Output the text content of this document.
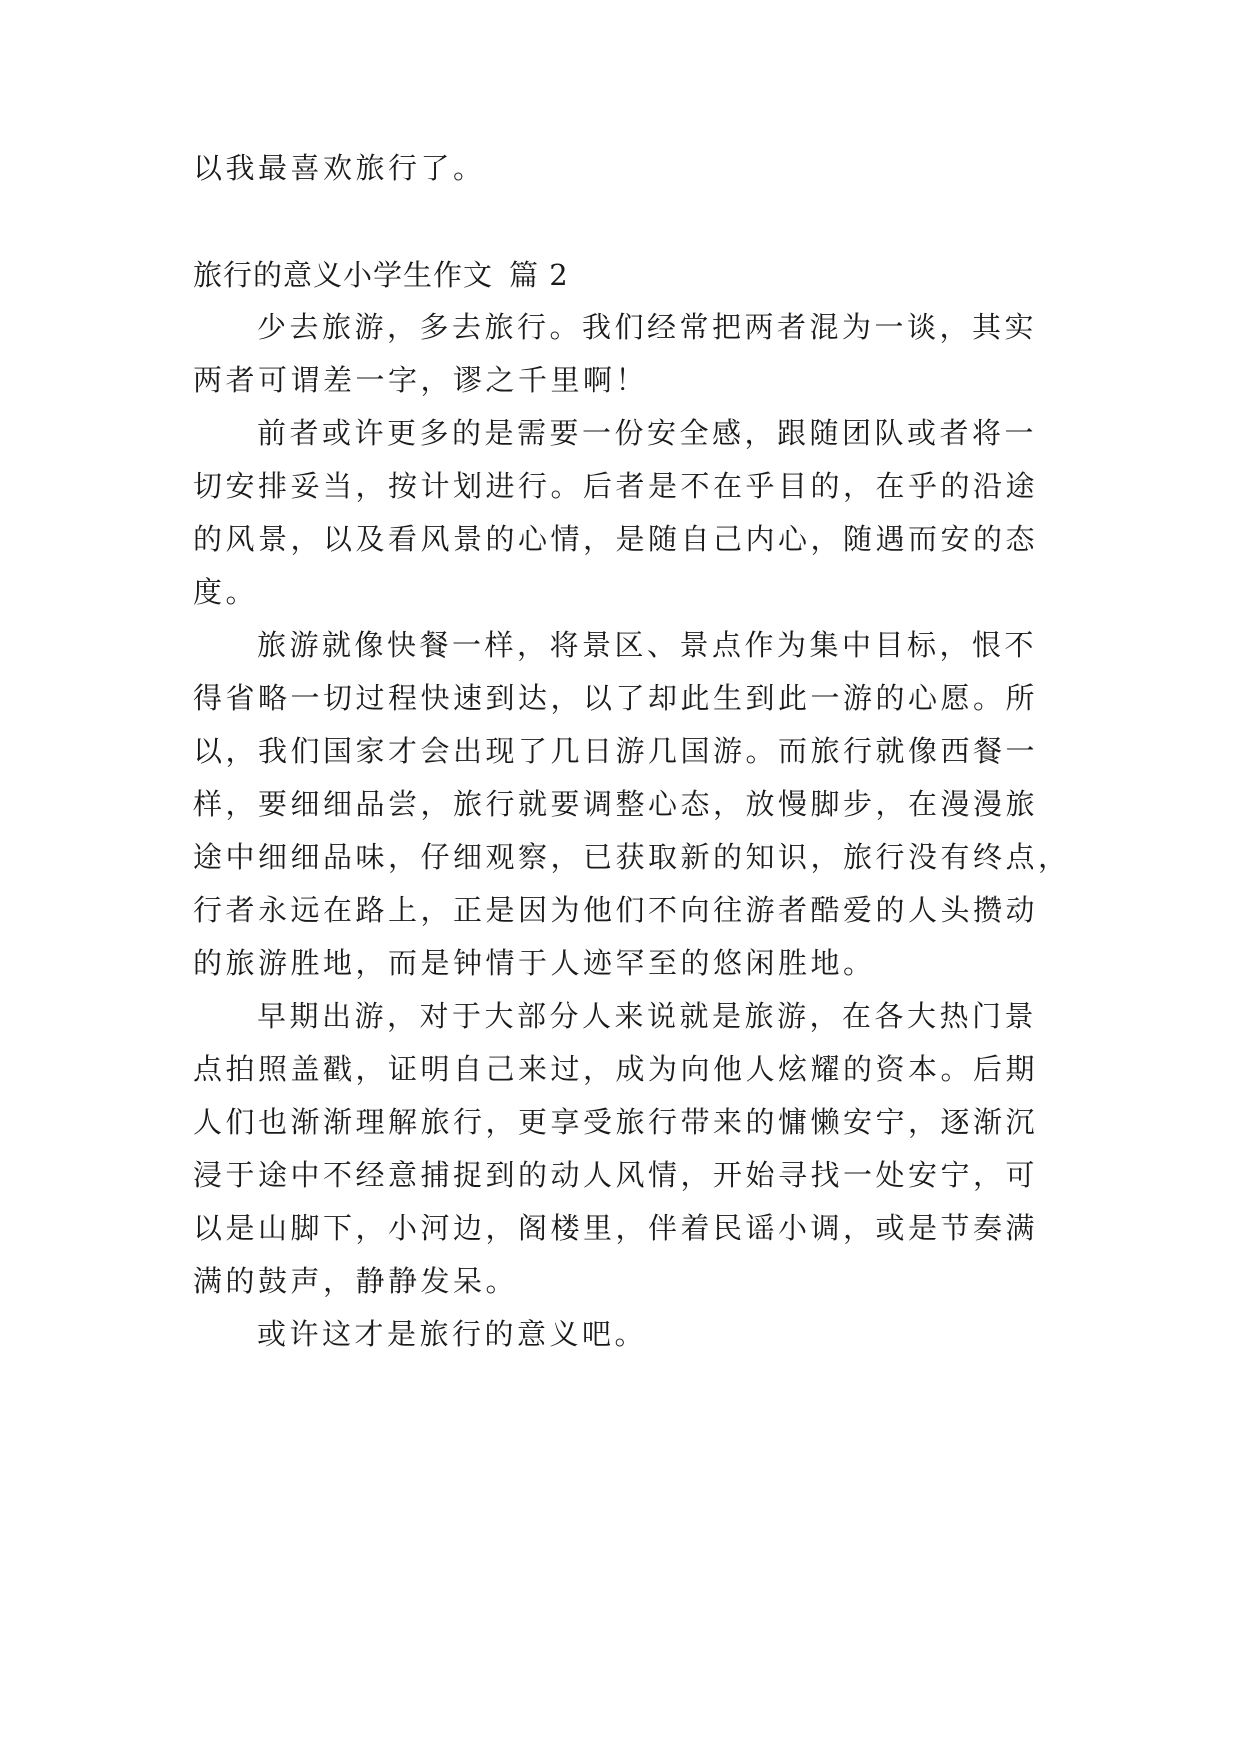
以我最喜欢旅行了。
旅行的意义小学生作文 篇 2
少去旅游，多去旅行。我们经常把两者混为一谈，其实
两者可谓差一字，谬之千里啊！
前者或许更多的是需要一份安全感，跟随团队或者将一
切安排妥当，按计划进行。后者是不在乎目的，在乎的沿途
的风景，以及看风景的心情，是随自己内心，随遇而安的态
度。
旅游就像快餐一样，将景区、景点作为集中目标，恨不
得省略一切过程快速到达，以了却此生到此一游的心愿。所
以，我们国家才会出现了几日游几国游。而旅行就像西餐一
样，要细细品尝，旅行就要调整心态，放慢脚步，在漫漫旅
途中细细品味，仔细观察，已获取新的知识，旅行没有终点，
行者永远在路上，正是因为他们不向往游者酷爱的人头攒动
的旅游胜地，而是钟情于人迹罕至的悠闲胜地。
早期出游，对于大部分人来说就是旅游，在各大热门景
点拍照盖戳，证明自己来过，成为向他人炫耀的资本。后期
人们也渐渐理解旅行，更享受旅行带来的慵懒安宁，逐渐沉
浸于途中不经意捕捉到的动人风情，开始寻找一处安宁，可
以是山脚下，小河边，阁楼里，伴着民谣小调，或是节奏满
满的鼓声，静静发呆。
或许这才是旅行的意义吧。
